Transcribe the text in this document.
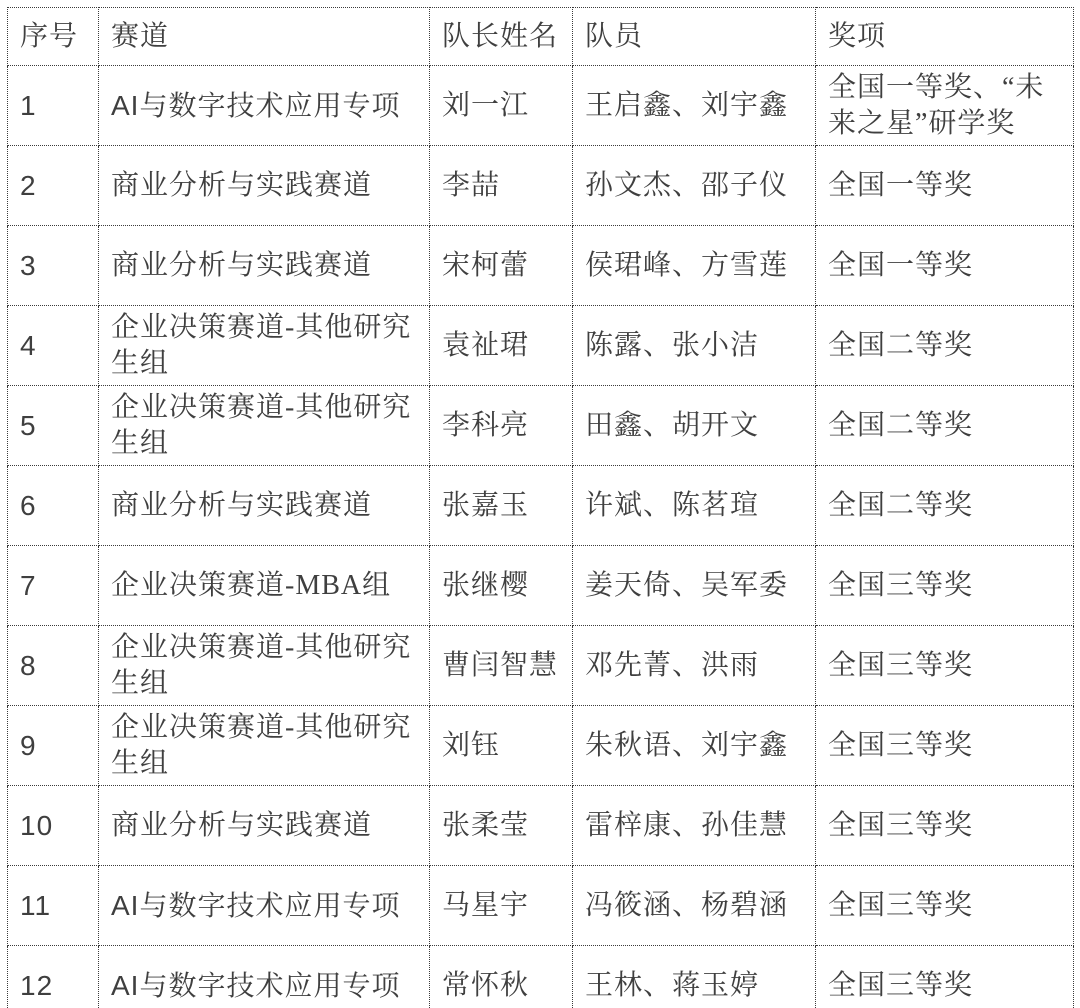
序号	赛道	队长姓名	队员	奖项
1	AI与数字技术应用专项	刘一江	王启鑫、刘宇鑫	全国一等奖、“未来之星”研学奖
2	商业分析与实践赛道	李喆	孙文杰、邵子仪	全国一等奖
3	商业分析与实践赛道	宋柯蕾	侯珺峰、方雪莲	全国一等奖
4	企业决策赛道-其他研究生组	袁祉珺	陈露、张小洁	全国二等奖
5	企业决策赛道-其他研究生组	李科亮	田鑫、胡开文	全国二等奖
6	商业分析与实践赛道	张嘉玉	许斌、陈茗瑄	全国二等奖
7	企业决策赛道-MBA组	张继樱	姜天倚、吴军委	全国三等奖
8	企业决策赛道-其他研究生组	曹闫智慧	邓先菁、洪雨	全国三等奖
9	企业决策赛道-其他研究生组	刘钰	朱秋语、刘宇鑫	全国三等奖
10	商业分析与实践赛道	张柔莹	雷梓康、孙佳慧	全国三等奖
11	AI与数字技术应用专项	马星宇	冯筱涵、杨碧涵	全国三等奖
12	AI与数字技术应用专项	常怀秋	王林、蒋玉婷	全国三等奖
